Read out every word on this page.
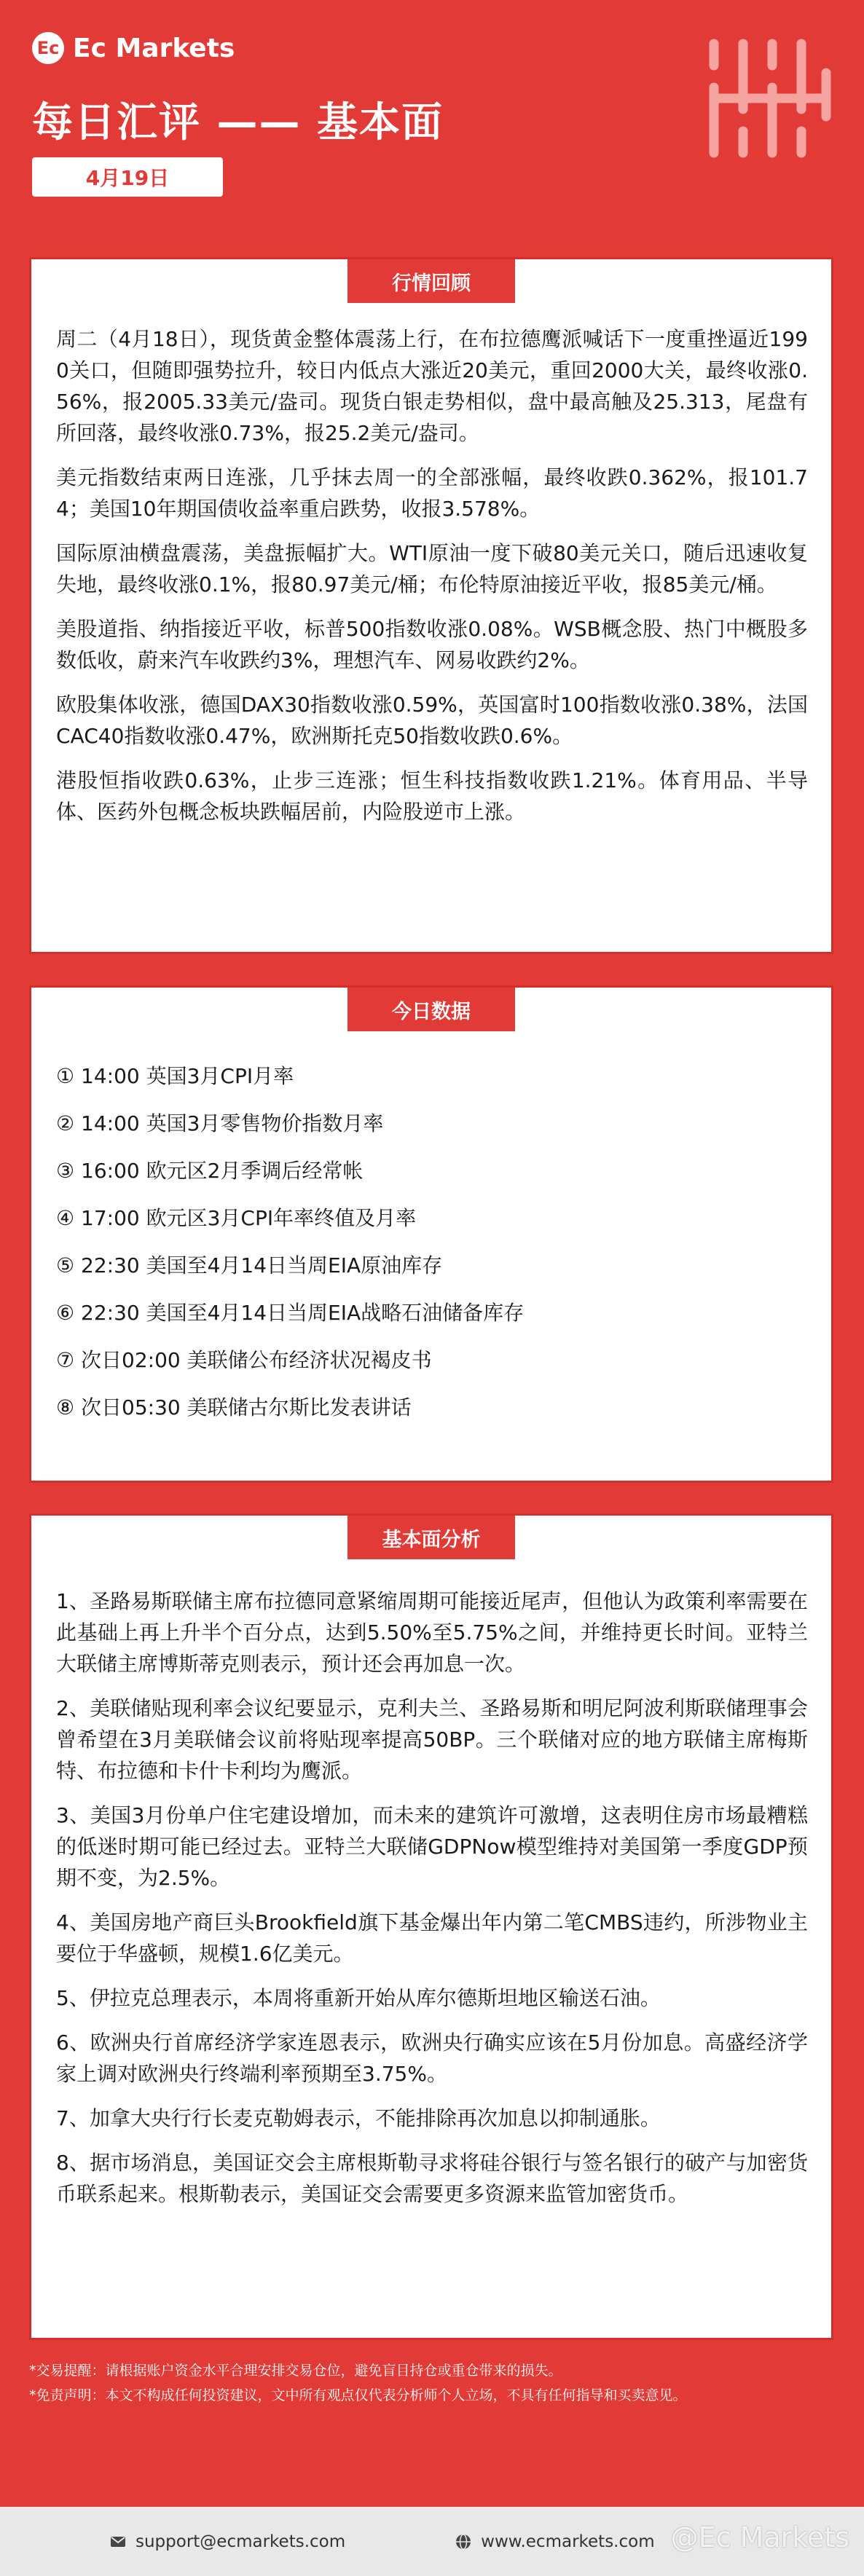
Ec Ec Markets
每日汇评 —— 基本面
4月19日
行情回顾

周二（4月18日），现货黄金整体震荡上行，在布拉德鹰派喊话下一度重挫逼近1990关口，但随即强势拉升，较日内低点大涨近20美元，重回2000大关，最终收涨0.56%，报2005.33美元/盎司。现货白银走势相似，盘中最高触及25.313，尾盘有所回落，最终收涨0.73%，报25.2美元/盎司。

美元指数结束两日连涨，几乎抹去周一的全部涨幅，最终收跌0.362%，报101.74；美国10年期国债收益率重启跌势，收报3.578%。

国际原油横盘震荡，美盘振幅扩大。WTI原油一度下破80美元关口，随后迅速收复失地，最终收涨0.1%，报80.97美元/桶；布伦特原油接近平收，报85美元/桶。

美股道指、纳指接近平收，标普500指数收涨0.08%。WSB概念股、热门中概股多数低收，蔚来汽车收跌约3%，理想汽车、网易收跌约2%。

欧股集体收涨，德国DAX30指数收涨0.59%，英国富时100指数收涨0.38%，法国CAC40指数收涨0.47%，欧洲斯托克50指数收跌0.6%。

港股恒指收跌0.63%，止步三连涨；恒生科技指数收跌1.21%。体育用品、半导体、医药外包概念板块跌幅居前，内险股逆市上涨。

今日数据
① 14:00 英国3月CPI月率
② 14:00 英国3月零售物价指数月率
③ 16:00 欧元区2月季调后经常帐
④ 17:00 欧元区3月CPI年率终值及月率
⑤ 22:30 美国至4月14日当周EIA原油库存
⑥ 22:30 美国至4月14日当周EIA战略石油储备库存
⑦ 次日02:00 美联储公布经济状况褐皮书
⑧ 次日05:30 美联储古尔斯比发表讲话
基本面分析

1、圣路易斯联储主席布拉德同意紧缩周期可能接近尾声，但他认为政策利率需要在此基础上再上升半个百分点，达到5.50%至5.75%之间，并维持更长时间。亚特兰大联储主席博斯蒂克则表示，预计还会再加息一次。

2、美联储贴现利率会议纪要显示，克利夫兰、圣路易斯和明尼阿波利斯联储理事会曾希望在3月美联储会议前将贴现率提高50BP。三个联储对应的地方联储主席梅斯特、布拉德和卡什卡利均为鹰派。

3、美国3月份单户住宅建设增加，而未来的建筑许可激增，这表明住房市场最糟糕的低迷时期可能已经过去。亚特兰大联储GDPNow模型维持对美国第一季度GDP预期不变，为2.5%。

4、美国房地产商巨头Brookfield旗下基金爆出年内第二笔CMBS违约，所涉物业主要位于华盛顿，规模1.6亿美元。

5、伊拉克总理表示，本周将重新开始从库尔德斯坦地区输送石油。

6、欧洲央行首席经济学家连恩表示，欧洲央行确实应该在5月份加息。高盛经济学家上调对欧洲央行终端利率预期至3.75%。

7、加拿大央行行长麦克勒姆表示，不能排除再次加息以抑制通胀。

8、据市场消息，美国证交会主席根斯勒寻求将硅谷银行与签名银行的破产与加密货币联系起来。根斯勒表示，美国证交会需要更多资源来监管加密货币。

*交易提醒：请根据账户资金水平合理安排交易仓位，避免盲目持仓或重仓带来的损失。

*免责声明：本文不构成任何投资建议，文中所有观点仅代表分析师个人立场，不具有任何指导和买卖意见。

support@ecmarkets.com	www.ecmarkets.com @Ec Markets
